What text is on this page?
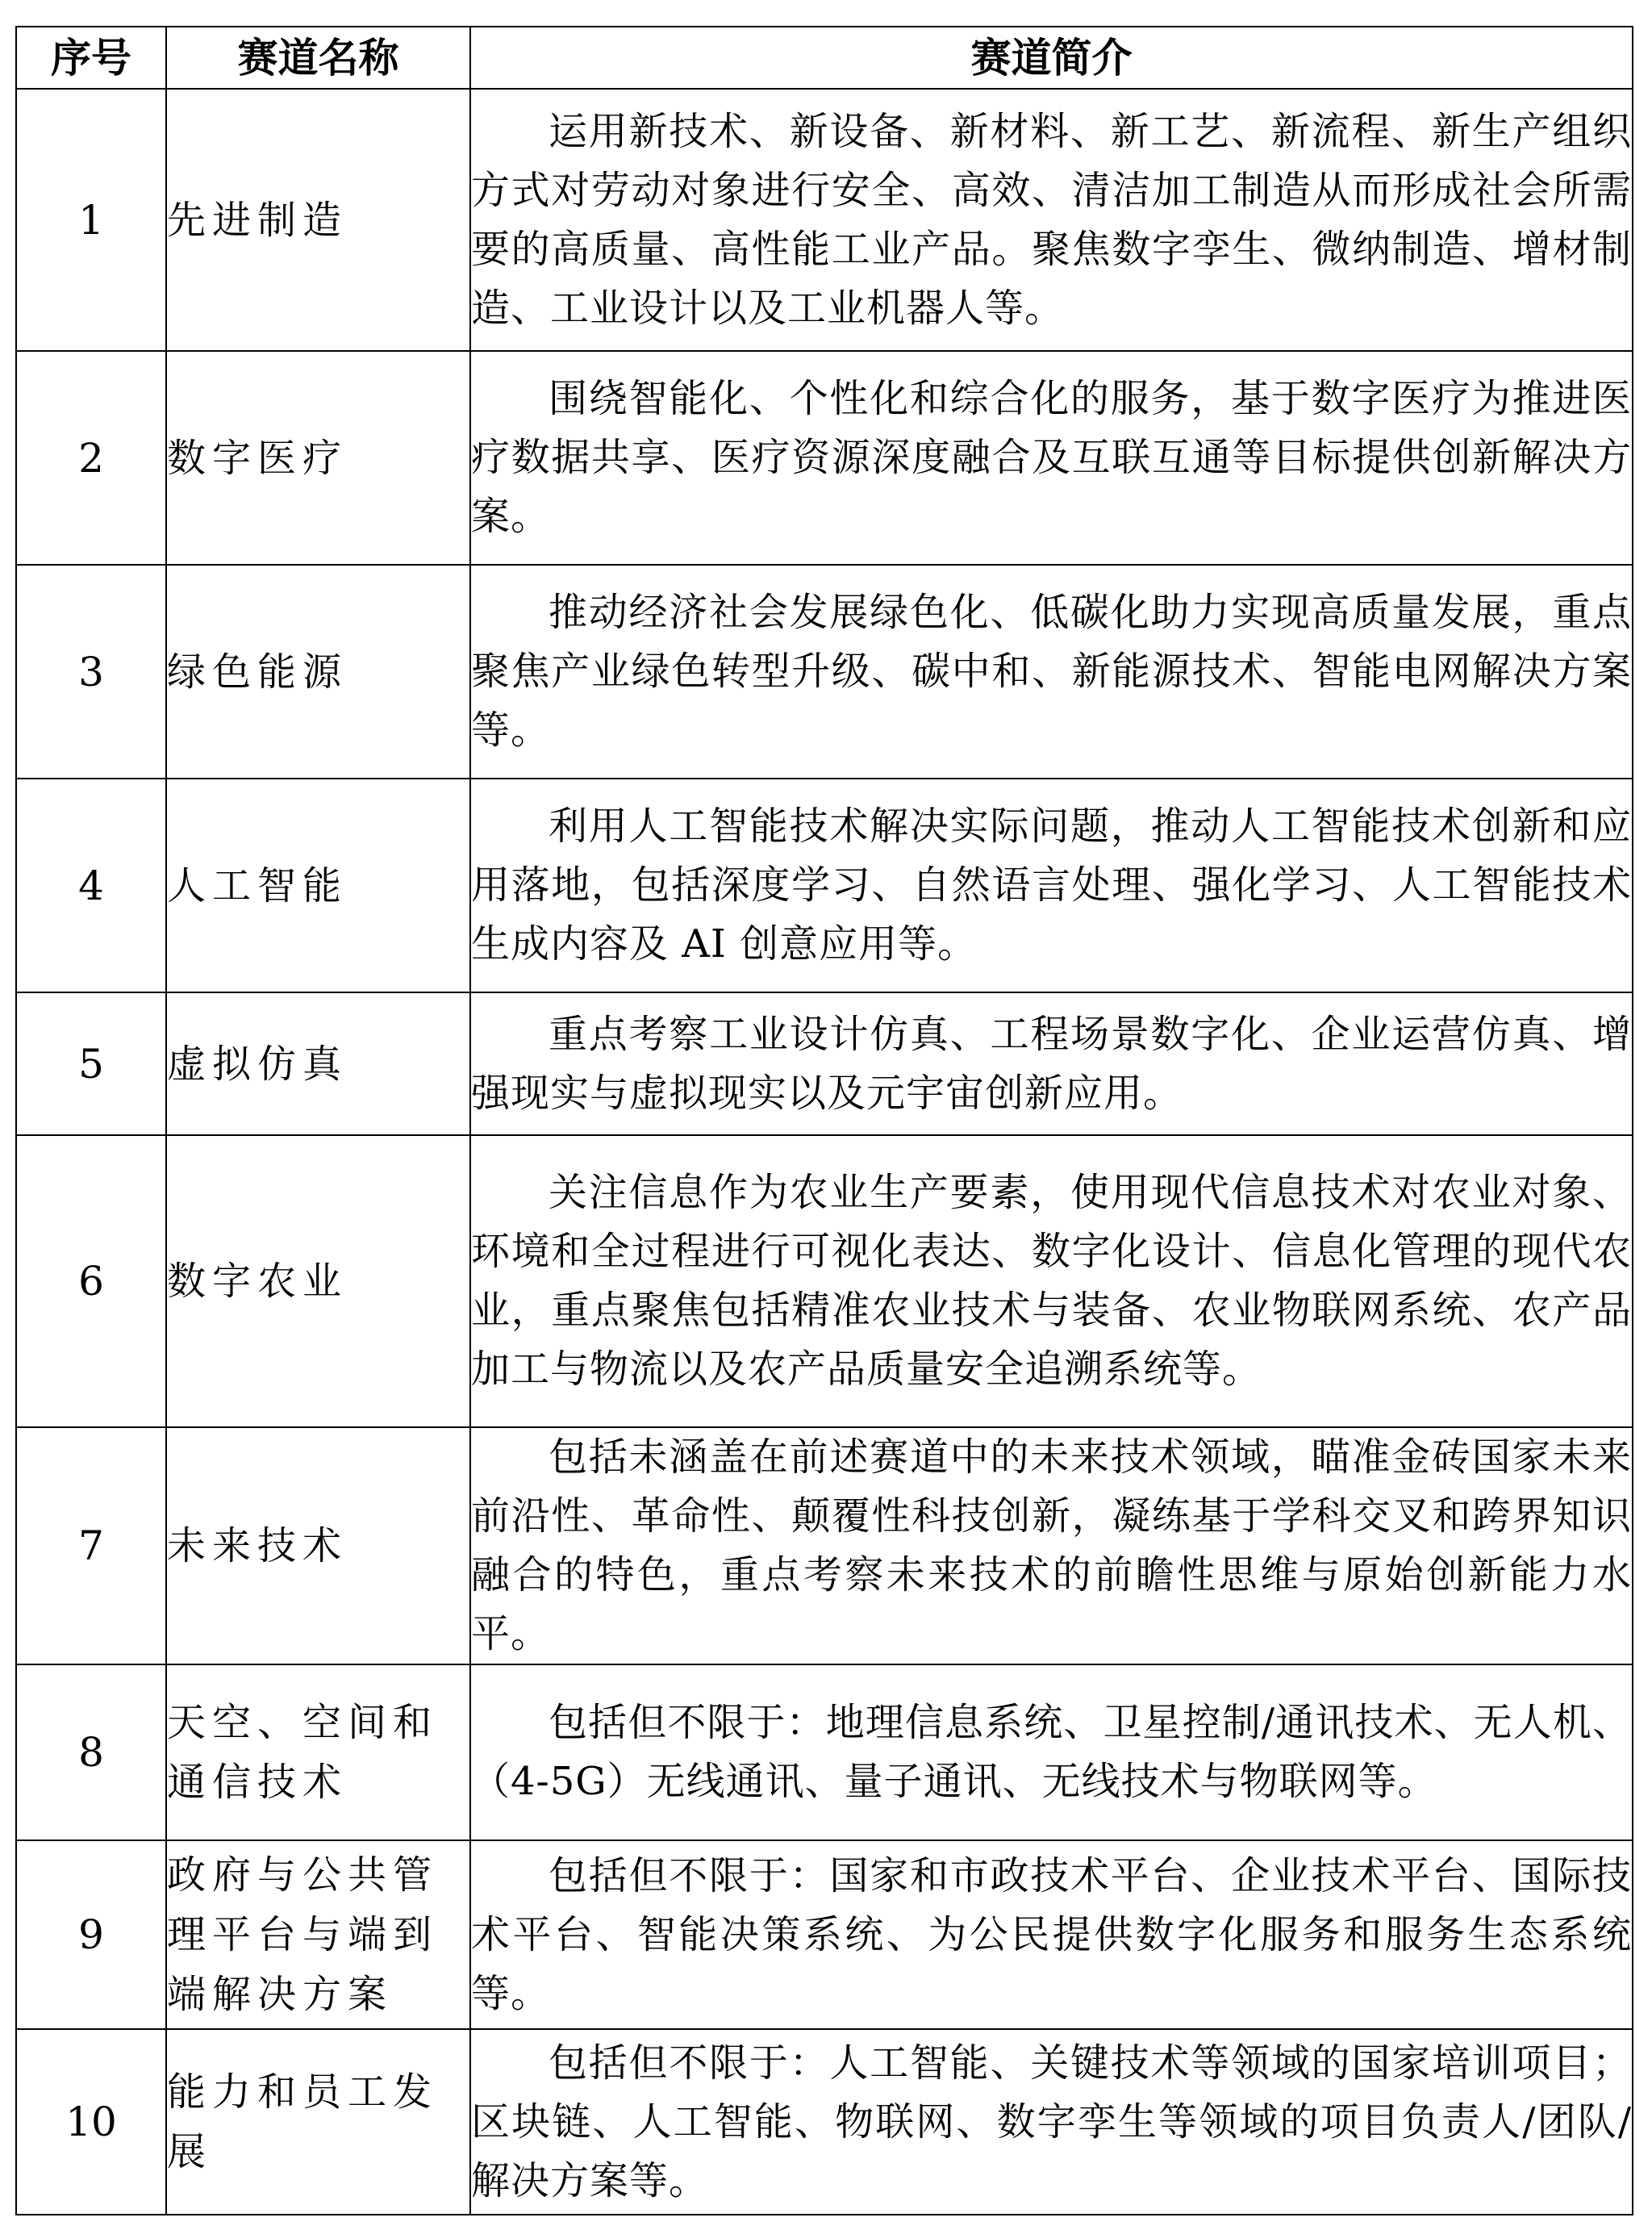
序号	赛道名称	赛道简介
1	先进制造	运用新技术、新设备、新材料、新工艺、新流程、新生产组织方式对劳动对象进行安全、高效、清洁加工制造从而形成社会所需要的高质量、高性能工业产品。聚焦数字孪生、微纳制造、增材制造、工业设计以及工业机器人等。

2	数字医疗	围绕智能化、个性化和综合化的服务，基于数字医疗为推进医疗数据共享、医疗资源深度融合及互联互通等目标提供创新解决方案。

3	绿色能源	推动经济社会发展绿色化、低碳化助力实现高质量发展，重点聚焦产业绿色转型升级、碳中和、新能源技术、智能电网解决方案等。

4	人工智能	利用人工智能技术解决实际问题，推动人工智能技术创新和应用落地，包括深度学习、自然语言处理、强化学习、人工智能技术生成内容及 AI 创意应用等。

5	虚拟仿真	重点考察工业设计仿真、工程场景数字化、企业运营仿真、增强现实与虚拟现实以及元宇宙创新应用。

6	数字农业	关注信息作为农业生产要素，使用现代信息技术对农业对象、环境和全过程进行可视化表达、数字化设计、信息化管理的现代农业，重点聚焦包括精准农业技术与装备、农业物联网系统、农产品加工与物流以及农产品质量安全追溯系统等。

7	未来技术	包括未涵盖在前述赛道中的未来技术领域，瞄准金砖国家未来前沿性、革命性、颠覆性科技创新，凝练基于学科交叉和跨界知识融合的特色，重点考察未来技术的前瞻性思维与原始创新能力水平。

8	天空、空间和通信技术	包括但不限于：地理信息系统、卫星控制/通讯技术、无人机、（4-5G）无线通讯、量子通讯、无线技术与物联网等。

9	政府与公共管理平台与端到端解决方案	包括但不限于：国家和市政技术平台、企业技术平台、国际技术平台、智能决策系统、为公民提供数字化服务和服务生态系统等。

10	能力和员工发展	包括但不限于：人工智能、关键技术等领域的国家培训项目；区块链、人工智能、物联网、数字孪生等领域的项目负责人/团队/解决方案等。
